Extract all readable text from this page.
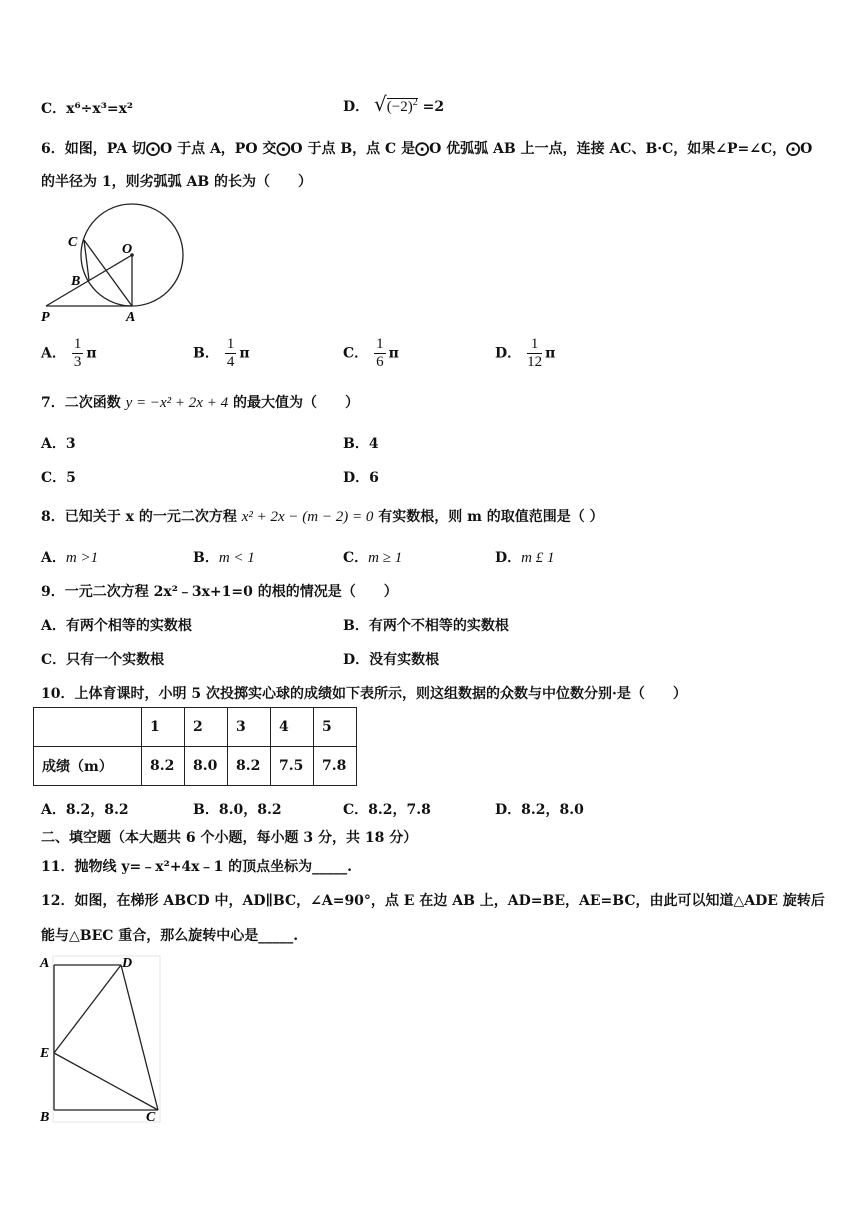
C．x⁶÷x³=x²	D． $√(-2)^2 =2$
6．如图，PA 切⨀O 于点 A，PO 交⨀O 于点 B，点 C 是⨀O 优弧弧 AB 上一点，连接 AC、B·C，如果∠P=∠C，⨀O
的半径为 1，则劣弧弧 AB 的长为（　　）
C	O
B
P	A
A． $\frac{1}{3}$ π	B． $\frac{1}{4}$ π	C． $\frac{1}{6}$ π	D． $\frac{1}{12}$ π
7．二次函数 y = −x² + 2x + 4 的最大值为（　　）
A．3	B．4
C．5	D．6
8．已知关于 x 的一元二次方程 x² + 2x − (m − 2) = 0 有实数根，则 m 的取值范围是（ ）
A．m >1	B．m < 1	C．m ≥ 1	D．m £ 1
9．一元二次方程 2x²﹣3x+1=0 的根的情况是（　　）
A．有两个相等的实数根	B．有两个不相等的实数根
C．只有一个实数根	D．没有实数根
10．上体育课时，小明 5 次投掷实心球的成绩如下表所示，则这组数据的众数与中位数分别·是（　　）
	1	2	3	4	5
成绩（m）	8.2	8.0	8.2	7.5	7.8
A．8.2，8.2	B．8.0，8.2	C．8.2，7.8	D．8.2，8.0
二、填空题（本大题共 6 个小题，每小题 3 分，共 18 分）
11．抛物线 y=﹣x²+4x﹣1 的顶点坐标为_____.
12．如图，在梯形 ABCD 中，AD∥BC，∠A=90°，点 E 在边 AB 上，AD=BE，AE=BC，由此可以知道△ADE 旋转后
能与△BEC 重合，那么旋转中心是_____.
A	D
E
B	C
